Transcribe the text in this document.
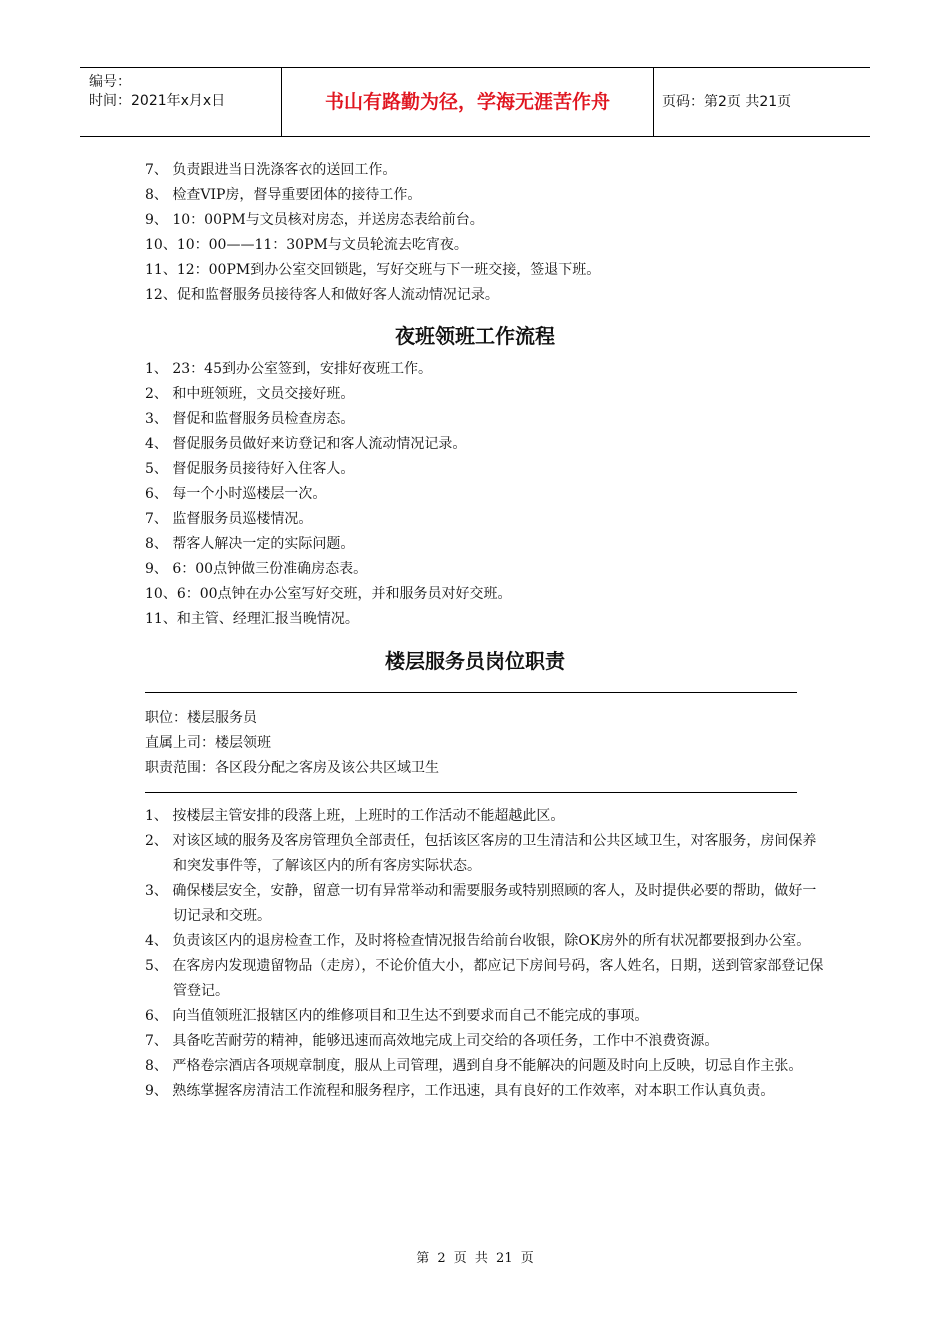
编号：
时间：2021年x月x日	书山有路勤为径，学海无涯苦作舟	页码：第2页 共21页
7、 负责跟进当日洗涤客衣的送回工作。
8、 检查VIP房，督导重要团体的接待工作。
9、 10：00PM与文员核对房态，并送房态表给前台。
10、10：00——11：30PM与文员轮流去吃宵夜。
11、12：00PM到办公室交回锁匙，写好交班与下一班交接，签退下班。
12、促和监督服务员接待客人和做好客人流动情况记录。
夜班领班工作流程
1、 23：45到办公室签到，安排好夜班工作。
2、 和中班领班，文员交接好班。
3、 督促和监督服务员检查房态。
4、 督促服务员做好来访登记和客人流动情况记录。
5、 督促服务员接待好入住客人。
6、 每一个小时巡楼层一次。
7、 监督服务员巡楼情况。
8、 帮客人解决一定的实际问题。
9、 6：00点钟做三份准确房态表。
10、6：00点钟在办公室写好交班，并和服务员对好交班。
11、和主管、经理汇报当晚情况。
楼层服务员岗位职责
职位：楼层服务员
直属上司：楼层领班
职责范围：各区段分配之客房及该公共区域卫生
1、 按楼层主管安排的段落上班，上班时的工作活动不能超越此区。
2、 对该区域的服务及客房管理负全部责任，包括该区客房的卫生清洁和公共区域卫生，对客服务，房间保养和突发事件等，了解该区内的所有客房实际状态。
3、 确保楼层安全，安静，留意一切有异常举动和需要服务或特别照顾的客人，及时提供必要的帮助，做好一切记录和交班。
4、 负责该区内的退房检查工作，及时将检查情况报告给前台收银，除OK房外的所有状况都要报到办公室。
5、 在客房内发现遗留物品（走房），不论价值大小，都应记下房间号码，客人姓名，日期，送到管家部登记保管登记。
6、 向当值领班汇报辖区内的维修项目和卫生达不到要求而自己不能完成的事项。
7、 具备吃苦耐劳的精神，能够迅速而高效地完成上司交给的各项任务，工作中不浪费资源。
8、 严格卷宗酒店各项规章制度，服从上司管理，遇到自身不能解决的问题及时向上反映，切忌自作主张。
9、 熟练掌握客房清洁工作流程和服务程序，工作迅速，具有良好的工作效率，对本职工作认真负责。
第 2 页 共 21 页
